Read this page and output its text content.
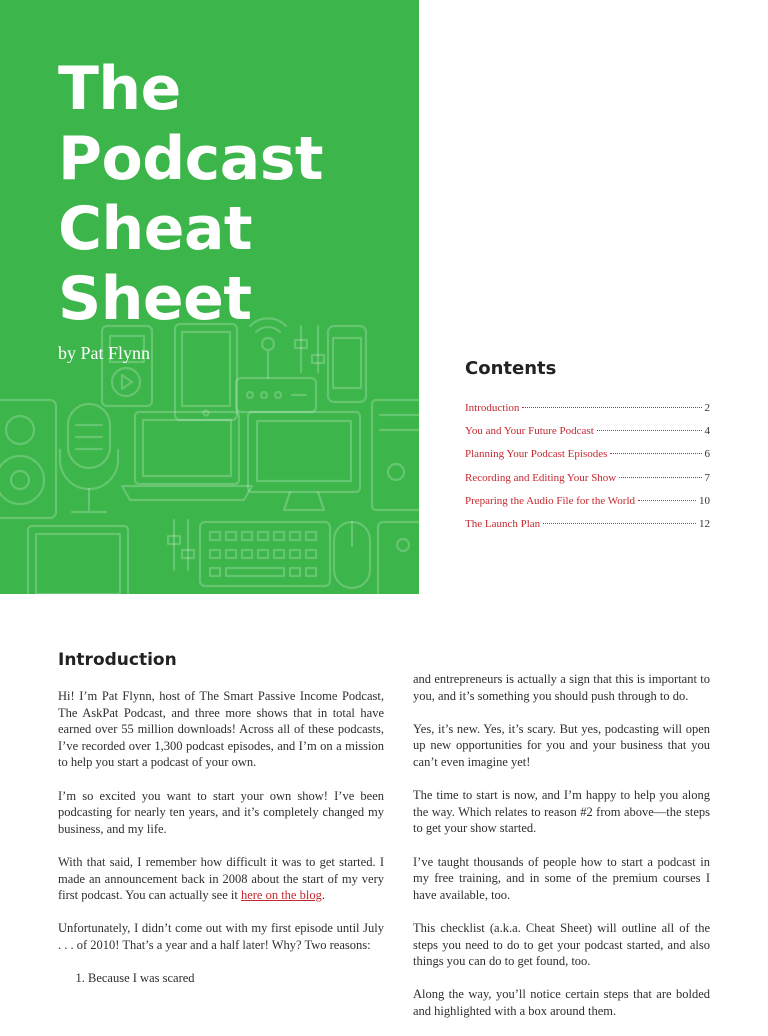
The
Podcast
Cheat
Sheet
by Pat Flynn
Contents
Introduction	2
You and Your Future Podcast	4
Planning Your Podcast Episodes	6
Recording and Editing Your Show	7
Preparing the Audio File for the World	10
The Launch Plan	12
Introduction

Hi! I’m Pat Flynn, host of The Smart Passive Income Podcast, The AskPat Podcast, and three more shows that in total have earned over 55 million downloads! Across all of these podcasts, I’ve recorded over 1,300 podcast episodes, and I’m on a mission to help you start a podcast of your own.

I’m so excited you want to start your own show! I’ve been podcasting for nearly ten years, and it’s completely changed my business, and my life.

With that said, I remember how difficult it was to get started. I made an announcement back in 2008 about the start of my very first podcast. You can actually see it here on the blog.

Unfortunately, I didn’t come out with my first episode until July . . . of 2010! That’s a year and a half later! Why? Two reasons:

1. Because I was scared

and entrepreneurs is actually a sign that this is important to you, and it’s something you should push through to do.

Yes, it’s new. Yes, it’s scary. But yes, podcasting will open up new opportunities for you and your business that you can’t even imagine yet!

The time to start is now, and I’m happy to help you along the way. Which relates to reason #2 from above—the steps to get your show started.

I’ve taught thousands of people how to start a podcast in my free training, and in some of the premium courses I have available, too.

This checklist (a.k.a. Cheat Sheet) will outline all of the steps you need to do to get your podcast started, and also things you can do to get found, too.

Along the way, you’ll notice certain steps that are bolded and highlighted with a box around them.
